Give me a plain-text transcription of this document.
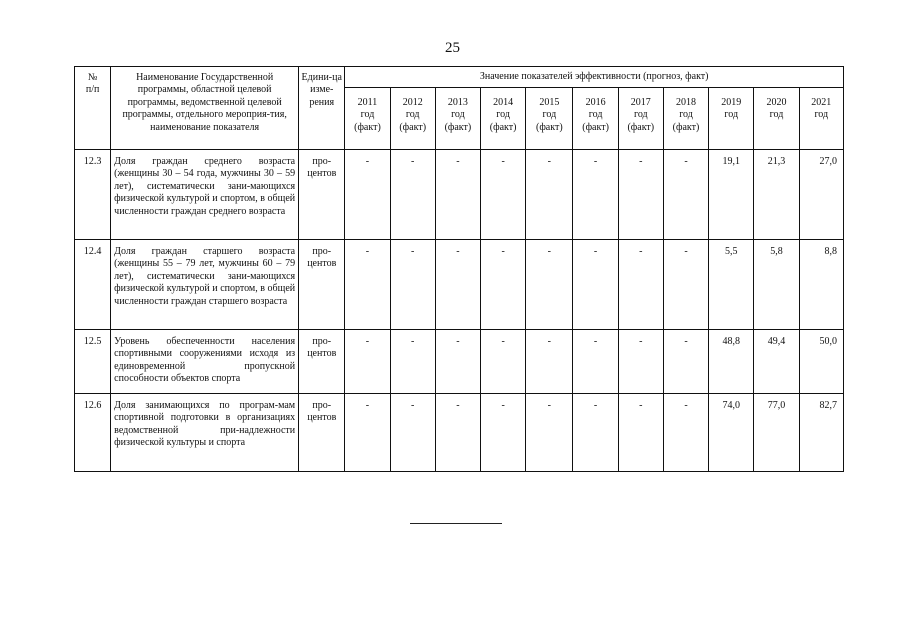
25
№
п/п	Наименование Государственной программы, областной целевой программы, ведомственной целевой программы, отдельного мероприя-тия, наименование показателя	Едини-ца изме-рения	Значение показателей эффективности (прогноз, факт)										
			2011
год
(факт)	2012
год
(факт)	2013
год
(факт)	2014
год
(факт)	2015
год
(факт)	2016
год
(факт)	2017
год
(факт)	2018
год
(факт)	2019
год	2020
год	2021
год
12.3	Доля граждан среднего возраста (женщины 30 – 54 года, мужчины 30 – 59 лет), систематически зани-мающихся физической культурой и спортом, в общей численности граждан среднего возраста	про-центов	-	-	-	-	-	-	-	-	19,1	21,3	27,0
12.4	Доля граждан старшего возраста (женщины 55 – 79 лет, мужчины 60 – 79 лет), систематически зани-мающихся физической культурой и спортом, в общей численности граждан старшего возраста	про-центов	-	-	-	-	-	-	-	-	5,5	5,8	8,8
12.5	Уровень обеспеченности населения спортивными сооружениями исходя из единовременной пропускной способности объектов спорта	про-центов	-	-	-	-	-	-	-	-	48,8	49,4	50,0
12.6	Доля занимающихся по програм-мам спортивной подготовки в организациях ведомственной при-надлежности физической культуры и спорта	про-центов	-	-	-	-	-	-	-	-	74,0	77,0	82,7
